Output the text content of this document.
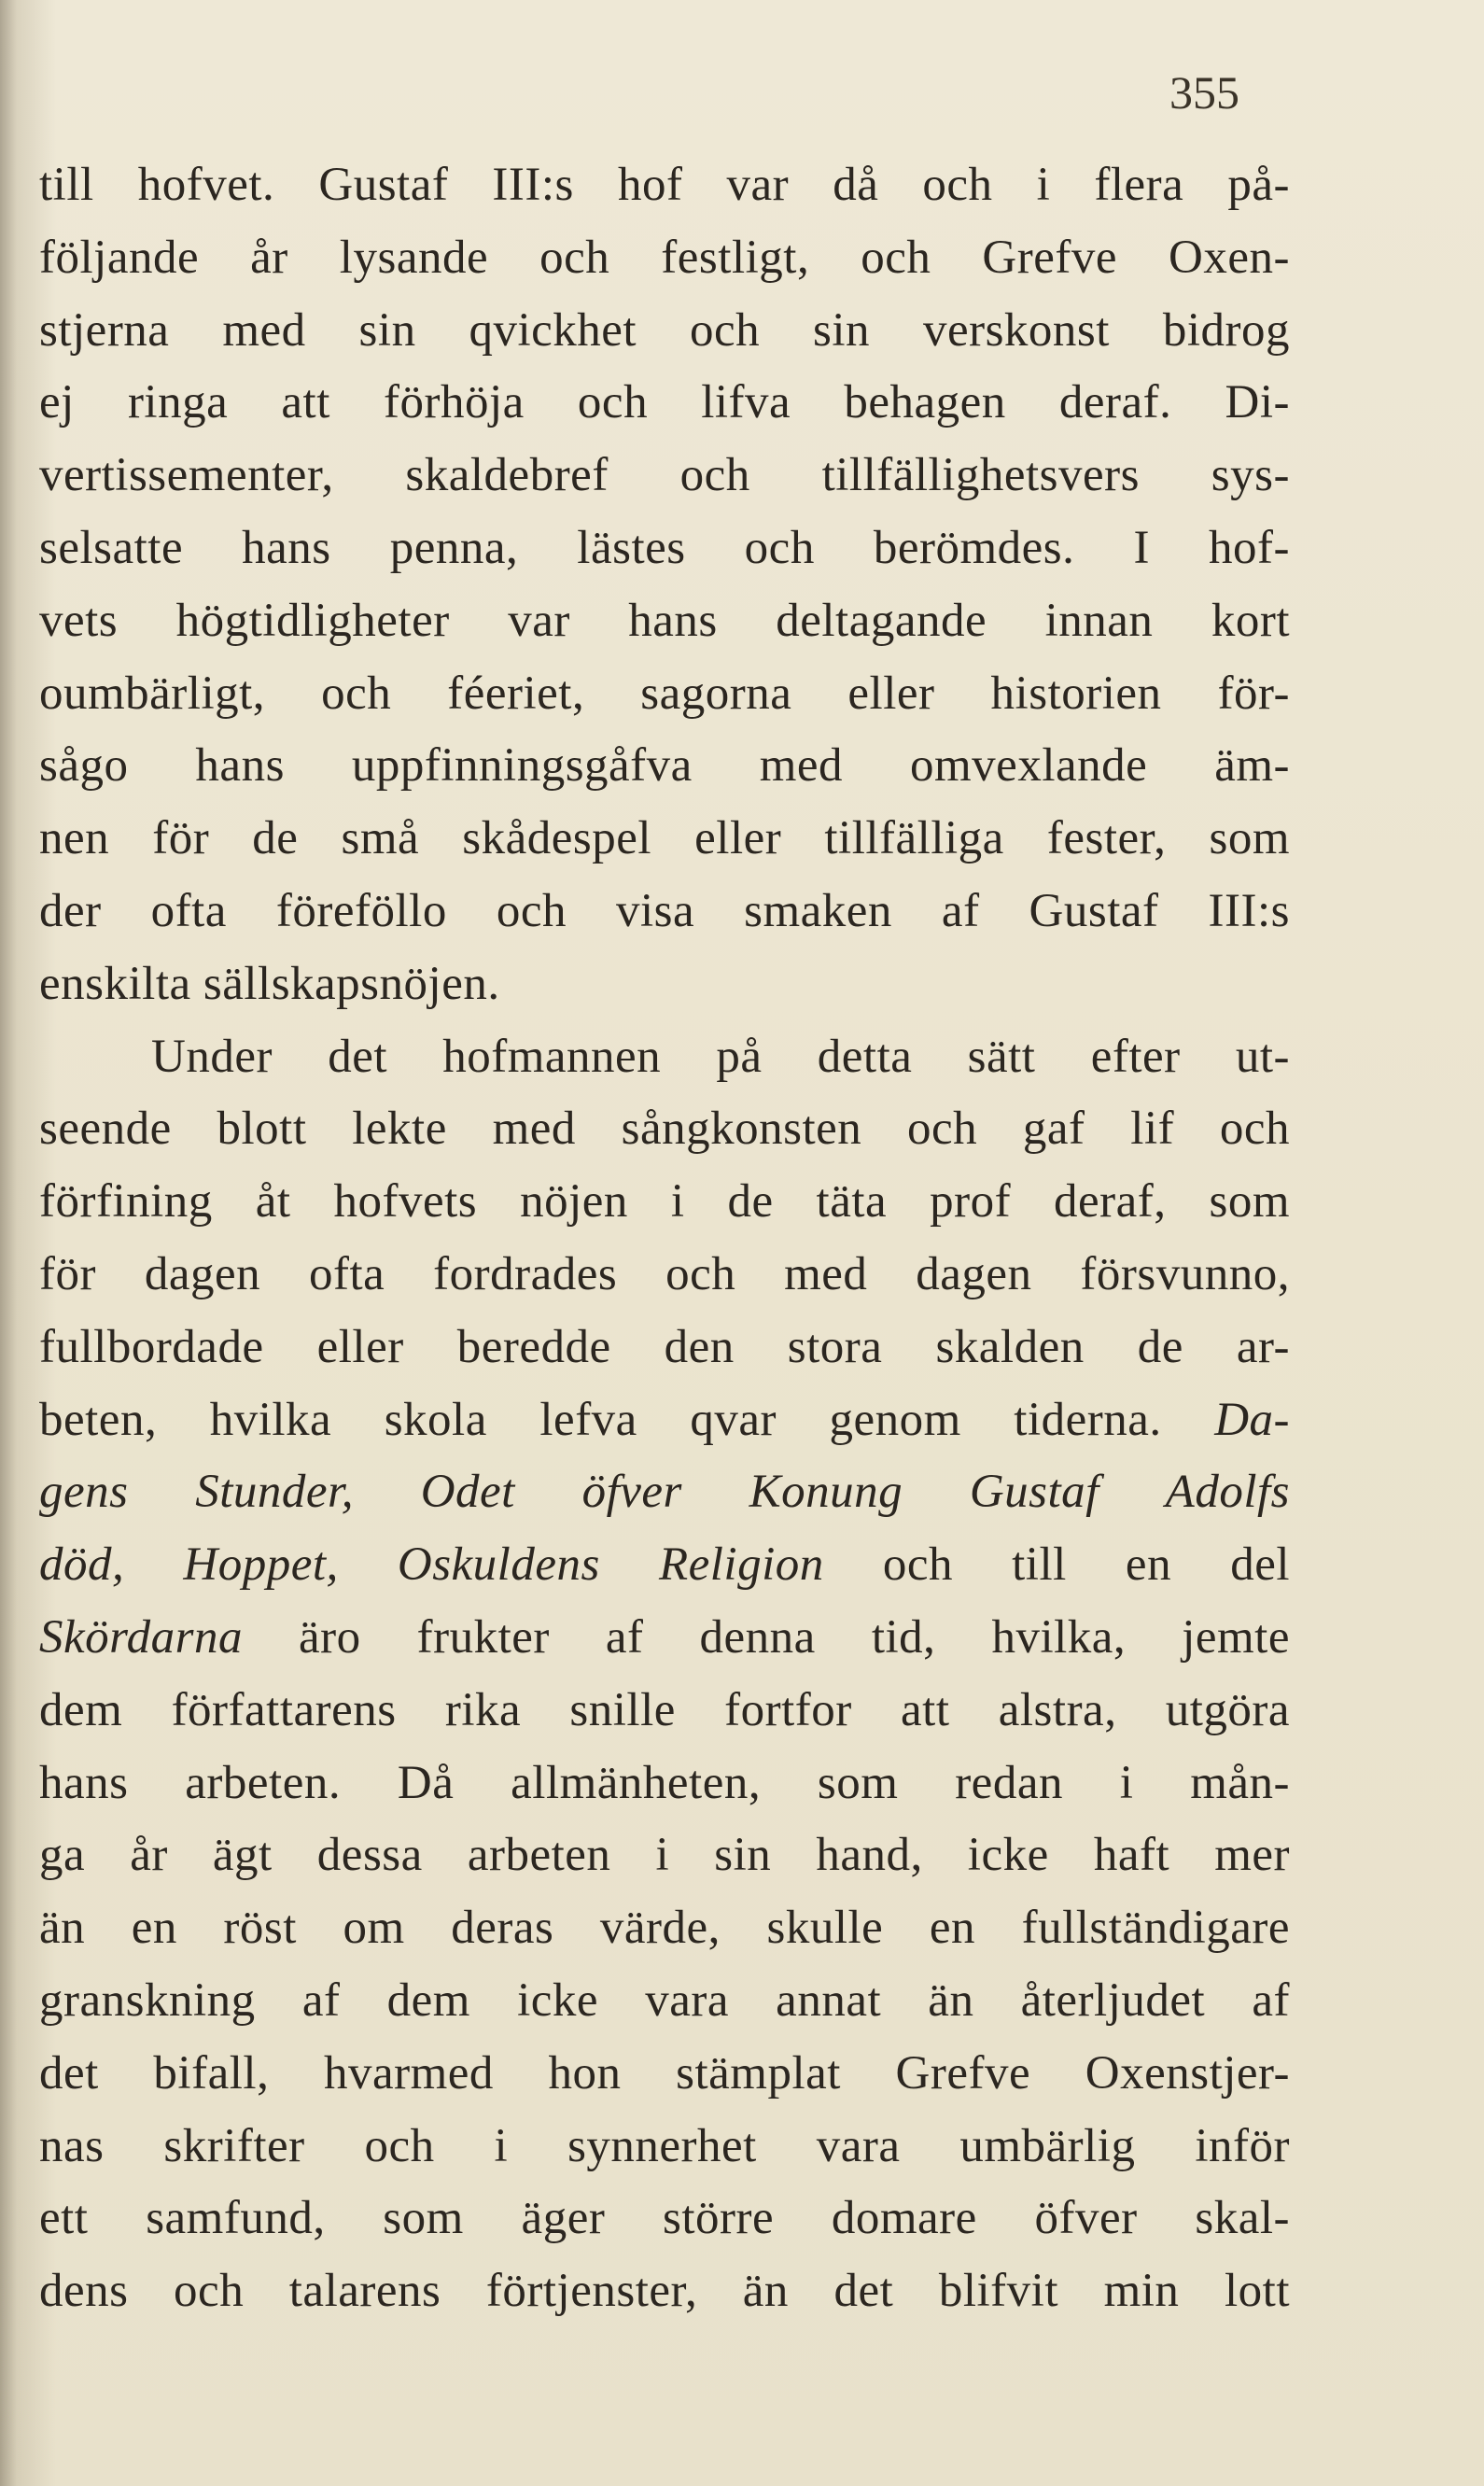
355
till hofvet. Gustaf III:s hof var då och i flera på-
följande år lysande och festligt, och Grefve Oxen-
stjerna med sin qvickhet och sin verskonst bidrog
ej ringa att förhöja och lifva behagen deraf. Di-
vertissementer, skaldebref och tillfällighetsvers sys-
selsatte hans penna, lästes och berömdes. I hof-
vets högtidligheter var hans deltagande innan kort
oumbärligt, och féeriet, sagorna eller historien för-
sågo hans uppfinningsgåfva med omvexlande äm-
nen för de små skådespel eller tillfälliga fester, som
der ofta föreföllo och visa smaken af Gustaf III:s
enskilta sällskapsnöjen.
Under det hofmannen på detta sätt efter ut-
seende blott lekte med sångkonsten och gaf lif och
förfining åt hofvets nöjen i de täta prof deraf, som
för dagen ofta fordrades och med dagen försvunno,
fullbordade eller beredde den stora skalden de ar-
beten, hvilka skola lefva qvar genom tiderna. Da-
gens Stunder, Odet öfver Konung Gustaf Adolfs
död, Hoppet, Oskuldens Religion och till en del
Skördarna äro frukter af denna tid, hvilka, jemte
dem författarens rika snille fortfor att alstra, utgöra
hans arbeten. Då allmänheten, som redan i mån-
ga år ägt dessa arbeten i sin hand, icke haft mer
än en röst om deras värde, skulle en fullständigare
granskning af dem icke vara annat än återljudet af
det bifall, hvarmed hon stämplat Grefve Oxenstjer-
nas skrifter och i synnerhet vara umbärlig inför
ett samfund, som äger större domare öfver skal-
dens och talarens förtjenster, än det blifvit min lott
